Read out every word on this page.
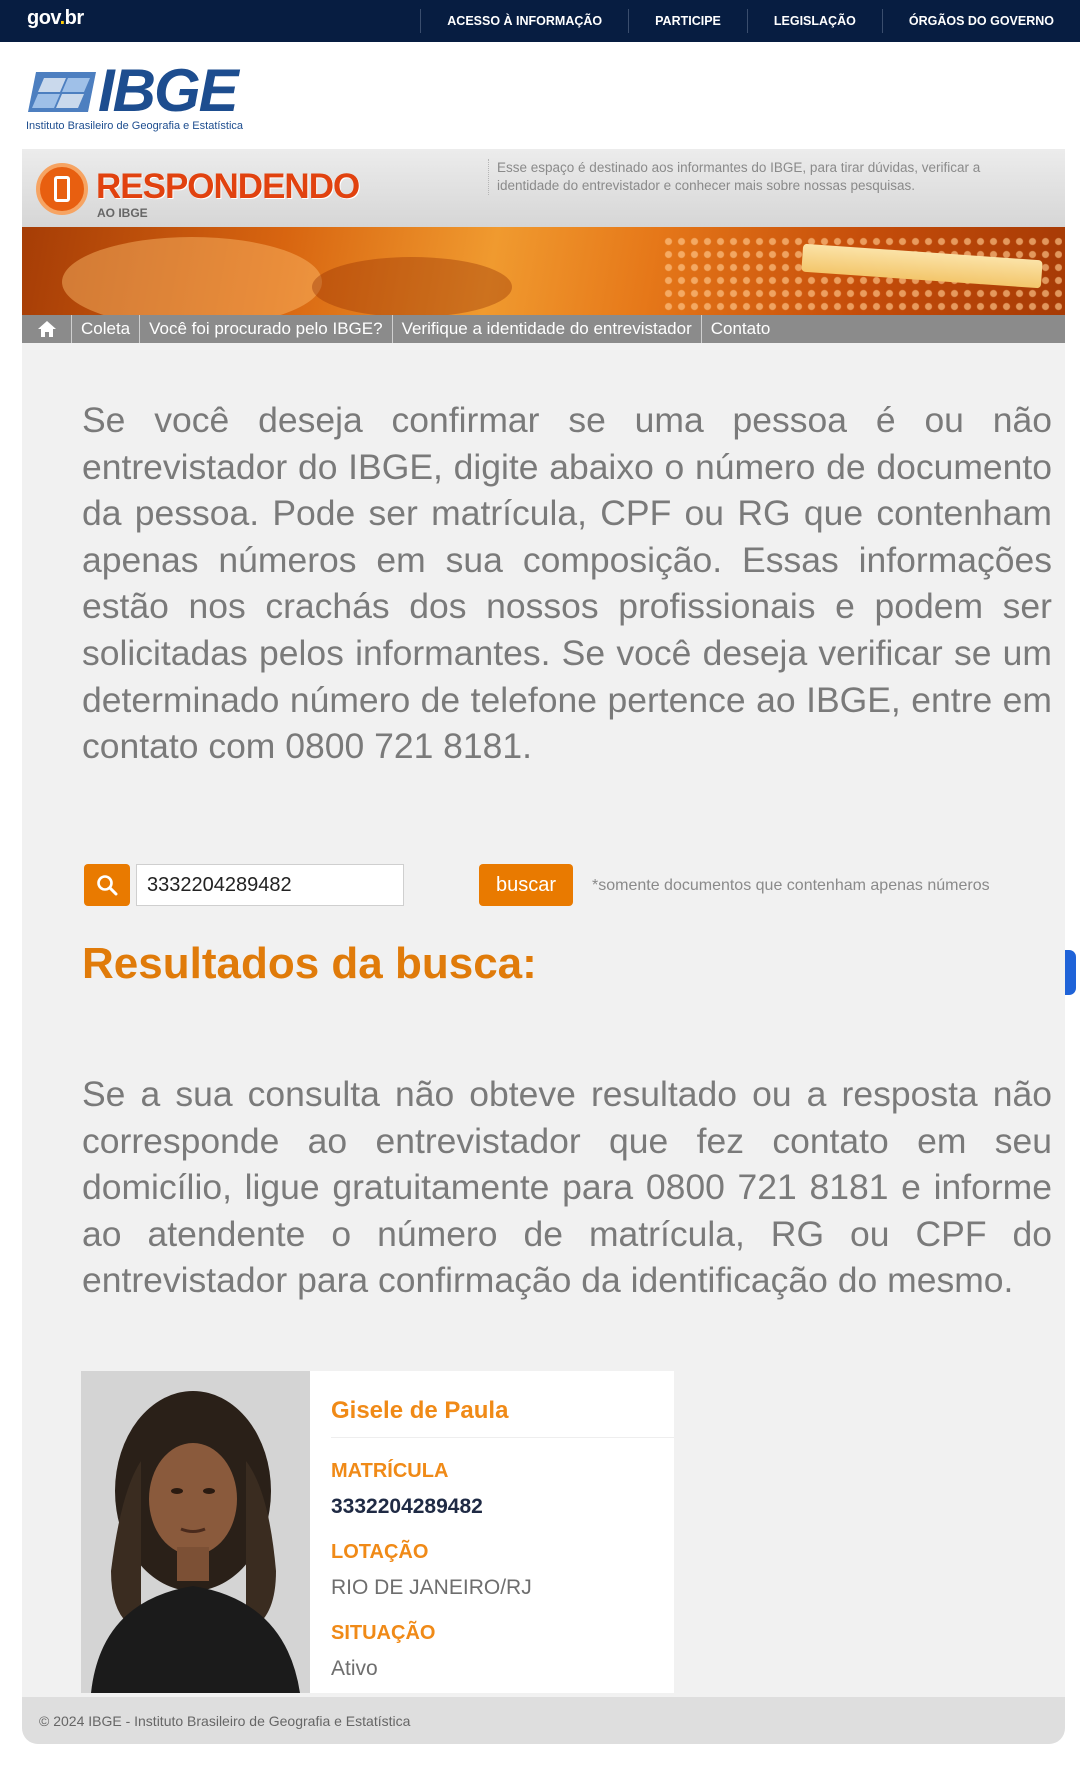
gov.br	ACESSO À INFORMAÇÃO	PARTICIPE	LEGISLAÇÃO	ÓRGÃOS DO GOVERNO
IBGE
Instituto Brasileiro de Geografia e Estatística
RESPONDENDO
AO IBGE
Esse espaço é destinado aos informantes do IBGE, para tirar dúvidas, verificar a identidade do entrevistador e conhecer mais sobre nossas pesquisas.
Coleta	Você foi procurado pelo IBGE?	Verifique a identidade do entrevistador	Contato

Se você deseja confirmar se uma pessoa é ou não entrevistador do IBGE, digite abaixo o número de documento da pessoa. Pode ser matrícula, CPF ou RG que contenham apenas números em sua composição. Essas informações estão nos crachás dos nossos profissionais e podem ser solicitadas pelos informantes. Se você deseja verificar se um determinado número de telefone pertence ao IBGE, entre em contato com 0800 721 8181.

3332204289482
buscar	*somente documentos que contenham apenas números
Resultados da busca:

Se a sua consulta não obteve resultado ou a resposta não corresponde ao entrevistador que fez contato em seu domicílio, ligue gratuitamente para 0800 721 8181 e informe ao atendente o número de matrícula, RG ou CPF do entrevistador para confirmação da identificação do mesmo.

Gisele de Paula
MATRÍCULA
3332204289482
LOTAÇÃO
RIO DE JANEIRO/RJ
SITUAÇÃO
Ativo
© 2024 IBGE - Instituto Brasileiro de Geografia e Estatística
